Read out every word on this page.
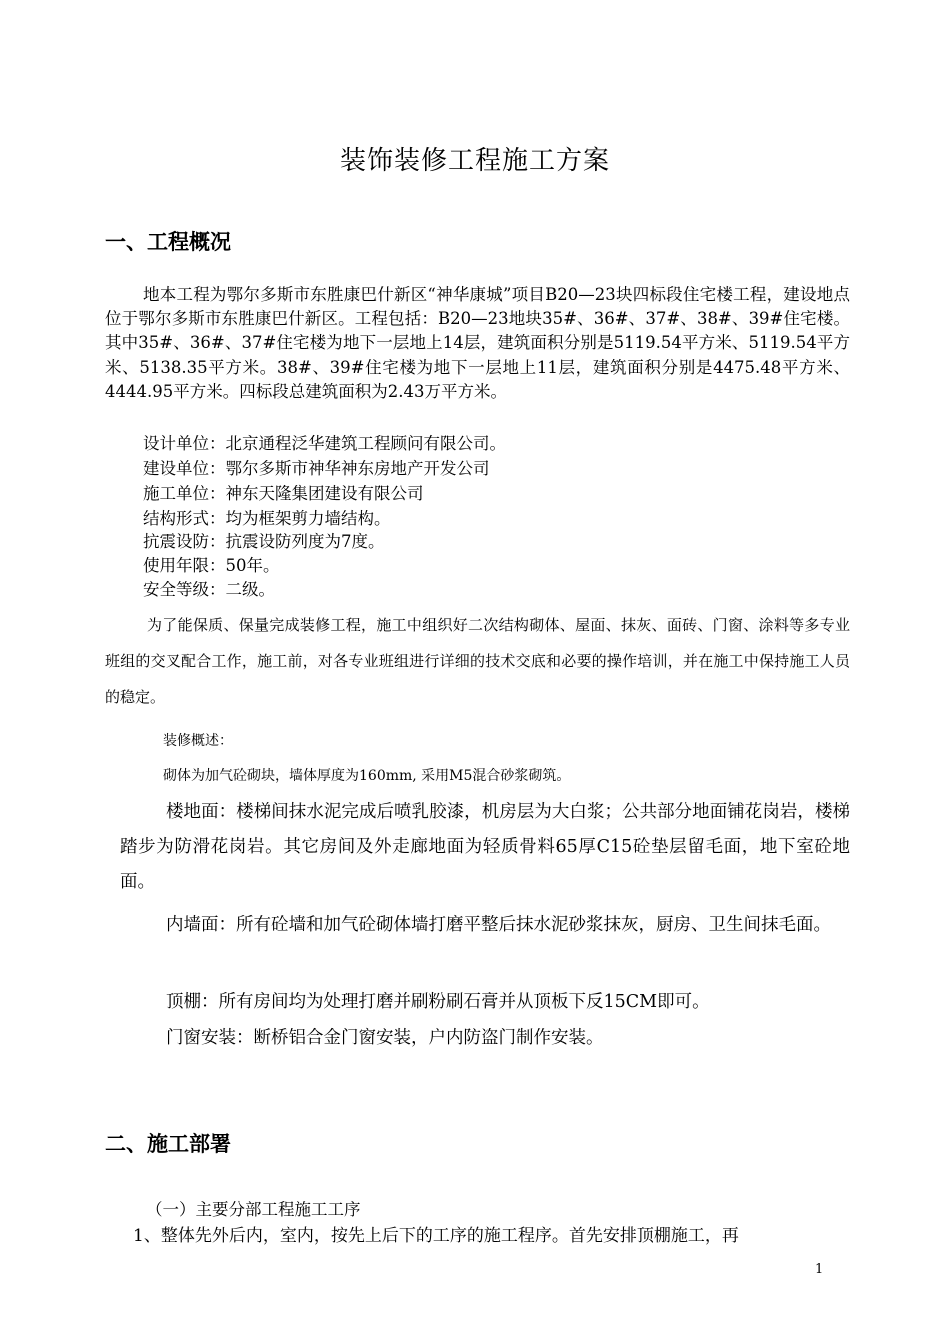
装饰装修工程施工方案
一、工程概况
地本工程为鄂尔多斯市东胜康巴什新区“神华康城”项目B20—23块四标段住宅楼工程，建设地点位于鄂尔多斯市东胜康巴什新区。工程包括：B20—23地块35#、36#、37#、38#、39#住宅楼。其中35#、36#、37#住宅楼为地下一层地上14层，建筑面积分别是5119.54平方米、5119.54平方米、5138.35平方米。38#、39#住宅楼为地下一层地上11层，建筑面积分别是4475.48平方米、4444.95平方米。四标段总建筑面积为2.43万平方米。
设计单位：北京通程泛华建筑工程顾问有限公司。
建设单位：鄂尔多斯市神华神东房地产开发公司
施工单位：神东天隆集团建设有限公司
结构形式：均为框架剪力墙结构。
抗震设防：抗震设防列度为7度。
使用年限：50年。
安全等级：二级。
为了能保质、保量完成装修工程，施工中组织好二次结构砌体、屋面、抹灰、面砖、门窗、涂料等多专业班组的交叉配合工作，施工前，对各专业班组进行详细的技术交底和必要的操作培训，并在施工中保持施工人员的稳定。
装修概述：
砌体为加气砼砌块，墙体厚度为160mm, 采用M5混合砂浆砌筑。
楼地面：楼梯间抹水泥完成后喷乳胶漆，机房层为大白浆；公共部分地面铺花岗岩，楼梯踏步为防滑花岗岩。其它房间及外走廊地面为轻质骨料65厚C15砼垫层留毛面，地下室砼地面。
内墙面：所有砼墙和加气砼砌体墙打磨平整后抹水泥砂浆抹灰，厨房、卫生间抹毛面。
顶棚：所有房间均为处理打磨并刷粉刷石膏并从顶板下反15CM即可。
门窗安装：断桥铝合金门窗安装，户内防盗门制作安装。
二、施工部署
（一）主要分部工程施工工序
1、整体先外后内，室内，按先上后下的工序的施工程序。首先安排顶棚施工，再
1
